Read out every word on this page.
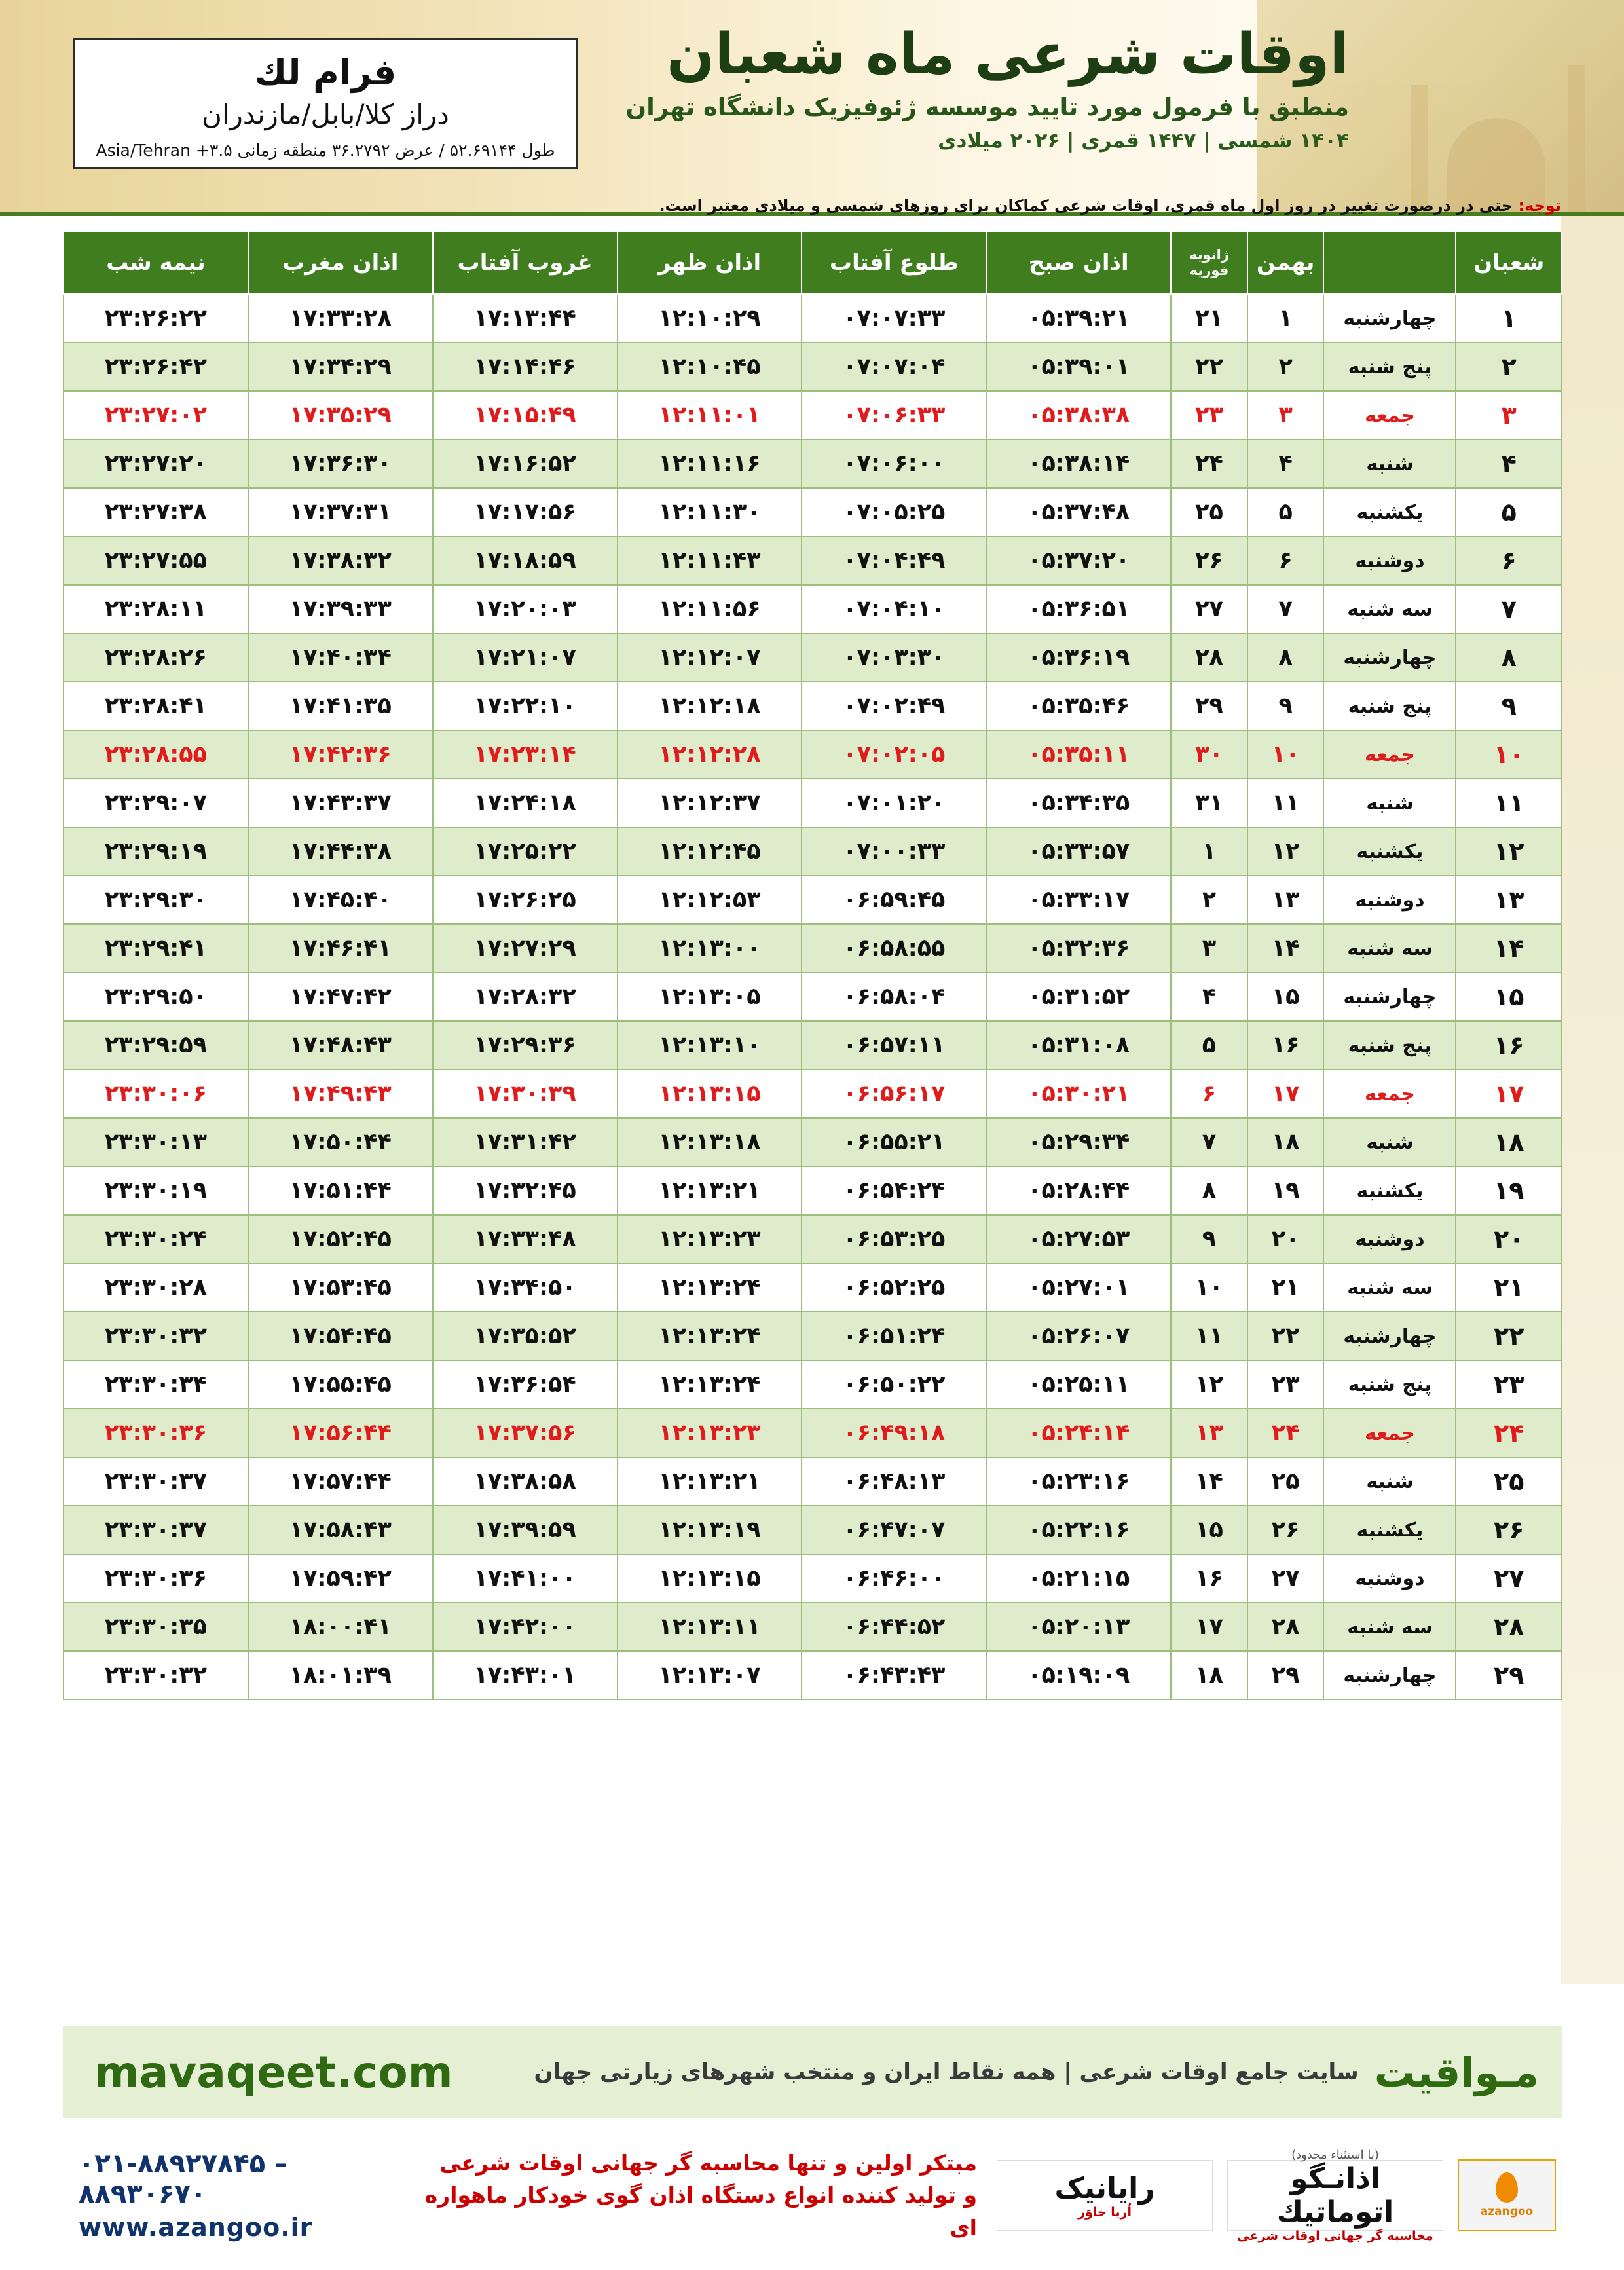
اوقات شرعی ماه شعبان
منطبق با فرمول مورد تایید موسسه ژئوفیزیک دانشگاه تهران
۱۴۰۴ شمسی | ۱۴۴۷ قمری | ۲۰۲۶ میلادی
فرام لك
دراز كلا/بابل/مازندران
طول ۵۲.۶۹۱۴۴ / عرض ۳۶.۲۷۹۲ منطقه زمانی ۳.۵+ Asia/Tehran
توجه: حتی در درصورت تغییر در روز اول ماه قمری، اوقات شرعی کماکان برای روزهای شمسی و میلادی معتبر است.
شعبان		بهمن	ژانویه فوریه	اذان صبح	طلوع آفتاب	اذان ظهر	غروب آفتاب	اذان مغرب	نیمه شب
۱	چهارشنبه	۱	۲۱	۰۵:۳۹:۲۱	۰۷:۰۷:۳۳	۱۲:۱۰:۲۹	۱۷:۱۳:۴۴	۱۷:۳۳:۲۸	۲۳:۲۶:۲۲
۲	پنج شنبه	۲	۲۲	۰۵:۳۹:۰۱	۰۷:۰۷:۰۴	۱۲:۱۰:۴۵	۱۷:۱۴:۴۶	۱۷:۳۴:۲۹	۲۳:۲۶:۴۲
۳	جمعه	۳	۲۳	۰۵:۳۸:۳۸	۰۷:۰۶:۳۳	۱۲:۱۱:۰۱	۱۷:۱۵:۴۹	۱۷:۳۵:۲۹	۲۳:۲۷:۰۲
۴	شنبه	۴	۲۴	۰۵:۳۸:۱۴	۰۷:۰۶:۰۰	۱۲:۱۱:۱۶	۱۷:۱۶:۵۲	۱۷:۳۶:۳۰	۲۳:۲۷:۲۰
۵	یکشنبه	۵	۲۵	۰۵:۳۷:۴۸	۰۷:۰۵:۲۵	۱۲:۱۱:۳۰	۱۷:۱۷:۵۶	۱۷:۳۷:۳۱	۲۳:۲۷:۳۸
۶	دوشنبه	۶	۲۶	۰۵:۳۷:۲۰	۰۷:۰۴:۴۹	۱۲:۱۱:۴۳	۱۷:۱۸:۵۹	۱۷:۳۸:۳۲	۲۳:۲۷:۵۵
۷	سه شنبه	۷	۲۷	۰۵:۳۶:۵۱	۰۷:۰۴:۱۰	۱۲:۱۱:۵۶	۱۷:۲۰:۰۳	۱۷:۳۹:۳۳	۲۳:۲۸:۱۱
۸	چهارشنبه	۸	۲۸	۰۵:۳۶:۱۹	۰۷:۰۳:۳۰	۱۲:۱۲:۰۷	۱۷:۲۱:۰۷	۱۷:۴۰:۳۴	۲۳:۲۸:۲۶
۹	پنج شنبه	۹	۲۹	۰۵:۳۵:۴۶	۰۷:۰۲:۴۹	۱۲:۱۲:۱۸	۱۷:۲۲:۱۰	۱۷:۴۱:۳۵	۲۳:۲۸:۴۱
۱۰	جمعه	۱۰	۳۰	۰۵:۳۵:۱۱	۰۷:۰۲:۰۵	۱۲:۱۲:۲۸	۱۷:۲۳:۱۴	۱۷:۴۲:۳۶	۲۳:۲۸:۵۵
۱۱	شنبه	۱۱	۳۱	۰۵:۳۴:۳۵	۰۷:۰۱:۲۰	۱۲:۱۲:۳۷	۱۷:۲۴:۱۸	۱۷:۴۳:۳۷	۲۳:۲۹:۰۷
۱۲	یکشنبه	۱۲	۱	۰۵:۳۳:۵۷	۰۷:۰۰:۳۳	۱۲:۱۲:۴۵	۱۷:۲۵:۲۲	۱۷:۴۴:۳۸	۲۳:۲۹:۱۹
۱۳	دوشنبه	۱۳	۲	۰۵:۳۳:۱۷	۰۶:۵۹:۴۵	۱۲:۱۲:۵۳	۱۷:۲۶:۲۵	۱۷:۴۵:۴۰	۲۳:۲۹:۳۰
۱۴	سه شنبه	۱۴	۳	۰۵:۳۲:۳۶	۰۶:۵۸:۵۵	۱۲:۱۳:۰۰	۱۷:۲۷:۲۹	۱۷:۴۶:۴۱	۲۳:۲۹:۴۱
۱۵	چهارشنبه	۱۵	۴	۰۵:۳۱:۵۲	۰۶:۵۸:۰۴	۱۲:۱۳:۰۵	۱۷:۲۸:۳۲	۱۷:۴۷:۴۲	۲۳:۲۹:۵۰
۱۶	پنج شنبه	۱۶	۵	۰۵:۳۱:۰۸	۰۶:۵۷:۱۱	۱۲:۱۳:۱۰	۱۷:۲۹:۳۶	۱۷:۴۸:۴۳	۲۳:۲۹:۵۹
۱۷	جمعه	۱۷	۶	۰۵:۳۰:۲۱	۰۶:۵۶:۱۷	۱۲:۱۳:۱۵	۱۷:۳۰:۳۹	۱۷:۴۹:۴۳	۲۳:۳۰:۰۶
۱۸	شنبه	۱۸	۷	۰۵:۲۹:۳۴	۰۶:۵۵:۲۱	۱۲:۱۳:۱۸	۱۷:۳۱:۴۲	۱۷:۵۰:۴۴	۲۳:۳۰:۱۳
۱۹	یکشنبه	۱۹	۸	۰۵:۲۸:۴۴	۰۶:۵۴:۲۴	۱۲:۱۳:۲۱	۱۷:۳۲:۴۵	۱۷:۵۱:۴۴	۲۳:۳۰:۱۹
۲۰	دوشنبه	۲۰	۹	۰۵:۲۷:۵۳	۰۶:۵۳:۲۵	۱۲:۱۳:۲۳	۱۷:۳۳:۴۸	۱۷:۵۲:۴۵	۲۳:۳۰:۲۴
۲۱	سه شنبه	۲۱	۱۰	۰۵:۲۷:۰۱	۰۶:۵۲:۲۵	۱۲:۱۳:۲۴	۱۷:۳۴:۵۰	۱۷:۵۳:۴۵	۲۳:۳۰:۲۸
۲۲	چهارشنبه	۲۲	۱۱	۰۵:۲۶:۰۷	۰۶:۵۱:۲۴	۱۲:۱۳:۲۴	۱۷:۳۵:۵۲	۱۷:۵۴:۴۵	۲۳:۳۰:۳۲
۲۳	پنج شنبه	۲۳	۱۲	۰۵:۲۵:۱۱	۰۶:۵۰:۲۲	۱۲:۱۳:۲۴	۱۷:۳۶:۵۴	۱۷:۵۵:۴۵	۲۳:۳۰:۳۴
۲۴	جمعه	۲۴	۱۳	۰۵:۲۴:۱۴	۰۶:۴۹:۱۸	۱۲:۱۳:۲۳	۱۷:۳۷:۵۶	۱۷:۵۶:۴۴	۲۳:۳۰:۳۶
۲۵	شنبه	۲۵	۱۴	۰۵:۲۳:۱۶	۰۶:۴۸:۱۳	۱۲:۱۳:۲۱	۱۷:۳۸:۵۸	۱۷:۵۷:۴۴	۲۳:۳۰:۳۷
۲۶	یکشنبه	۲۶	۱۵	۰۵:۲۲:۱۶	۰۶:۴۷:۰۷	۱۲:۱۳:۱۹	۱۷:۳۹:۵۹	۱۷:۵۸:۴۳	۲۳:۳۰:۳۷
۲۷	دوشنبه	۲۷	۱۶	۰۵:۲۱:۱۵	۰۶:۴۶:۰۰	۱۲:۱۳:۱۵	۱۷:۴۱:۰۰	۱۷:۵۹:۴۲	۲۳:۳۰:۳۶
۲۸	سه شنبه	۲۸	۱۷	۰۵:۲۰:۱۳	۰۶:۴۴:۵۲	۱۲:۱۳:۱۱	۱۷:۴۲:۰۰	۱۸:۰۰:۴۱	۲۳:۳۰:۳۵
۲۹	چهارشنبه	۲۹	۱۸	۰۵:۱۹:۰۹	۰۶:۴۳:۴۳	۱۲:۱۳:۰۷	۱۷:۴۳:۰۱	۱۸:۰۱:۳۹	۲۳:۳۰:۳۲
مـواقیت
سایت جامع اوقات شرعی | همه نقاط ایران و منتخب شهرهای زیارتی جهان
mavaqeet.com
azangoo
(با استثناء محدود)
اذانـگو اتوماتیك
محاسبه گر جهانی اوقات شرعی
رایانیک
اُریا خاوَر
مبتکر اولین و تنها محاسبه گر جهانی اوقات شرعی
و تولید کننده انواع دستگاه اذان گوی خودکار ماهواره ای
۰۲۱-۸۸۹۲۷۸۴۵ – ۸۸۹۳۰۶۷۰
www.azangoo.ir
